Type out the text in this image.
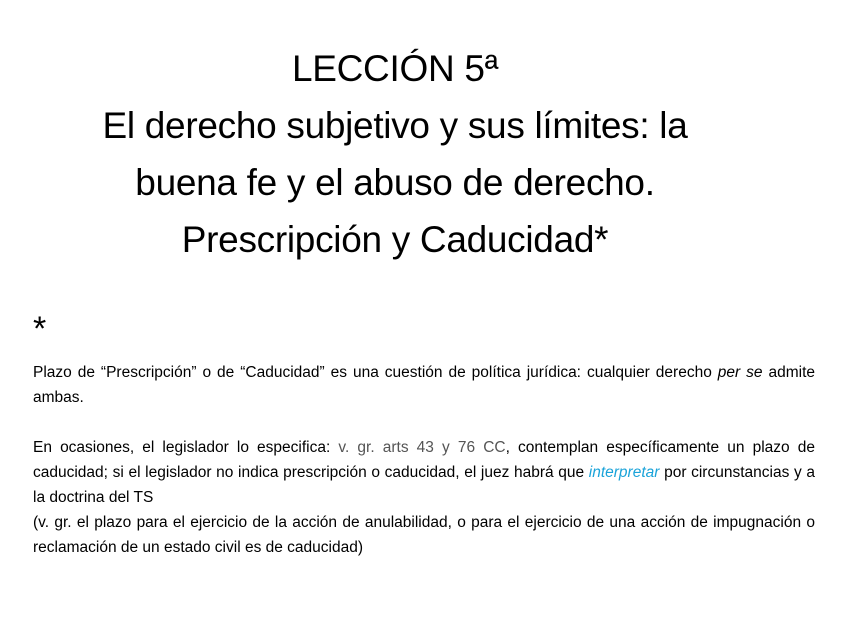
LECCIÓN 5ª
El derecho subjetivo y sus límites: la
buena fe y el abuso de derecho.
Prescripción y Caducidad*
*

Plazo de “Prescripción” o de “Caducidad” es una cuestión de política jurídica: cualquier derecho per se admite ambas.

En ocasiones, el legislador lo especifica: v. gr. arts 43 y 76 CC, contemplan específicamente un plazo de caducidad; si el legislador no indica prescripción o caducidad, el juez habrá que interpretar por circunstancias y a la doctrina del TS

(v. gr. el plazo para el ejercicio de la acción de anulabilidad, o para el ejercicio de una acción de impugnación o reclamación de un estado civil es de caducidad)
